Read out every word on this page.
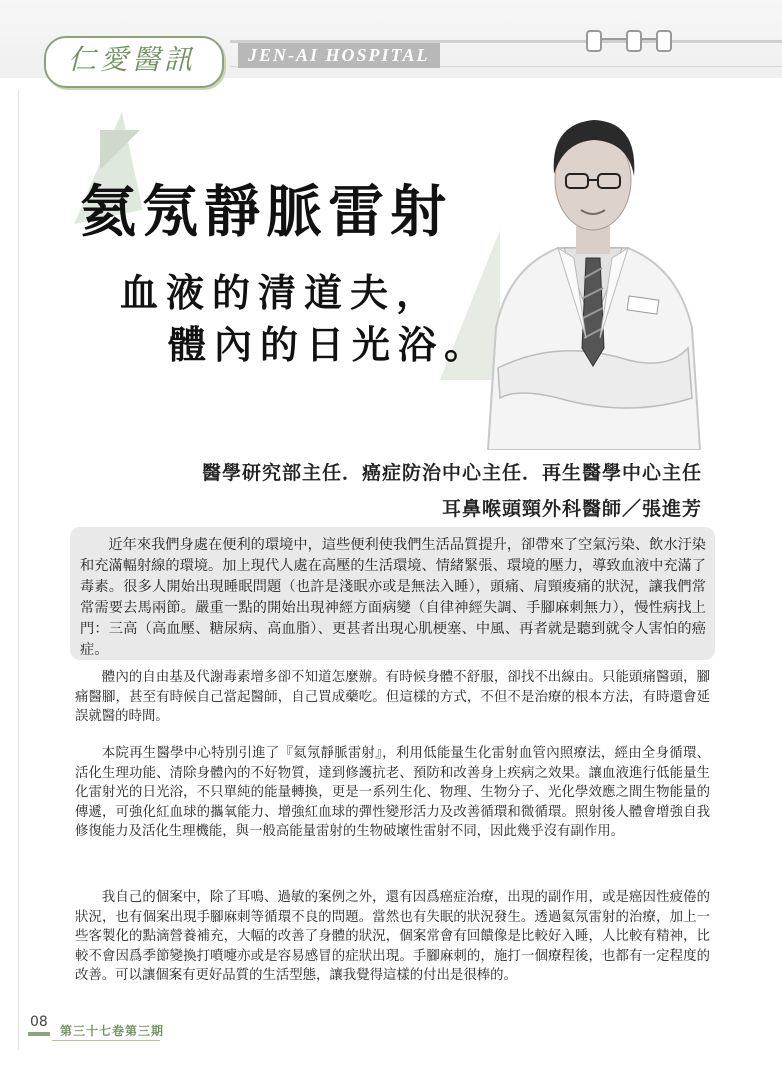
仁愛醫訊	JEN-AI HOSPITAL
氦氖靜脈雷射
血液的清道夫，
體內的日光浴。
醫學研究部主任．癌症防治中心主任．再生醫學中心主任
耳鼻喉頭頸外科醫師／張進芳

近年來我們身處在便利的環境中，這些便利使我們生活品質提升，卻帶來了空氣污染、飲水汙染和充滿輻射線的環境。加上現代人處在高壓的生活環境、情緒緊張、環境的壓力，導致血液中充滿了毒素。很多人開始出現睡眠問題（也許是淺眠亦或是無法入睡），頭痛、肩頸痠痛的狀況，讓我們常常需要去馬兩節。嚴重一點的開始出現神經方面病變（自律神經失調、手腳麻刺無力），慢性病找上門：三高（高血壓、糖尿病、高血脂）、更甚者出現心肌梗塞、中風、再者就是聽到就令人害怕的癌症。

體內的自由基及代謝毒素增多卻不知道怎麼辦。有時候身體不舒服，卻找不出線由。只能頭痛醫頭，腳痛醫腳，甚至有時候自己當起醫師，自己買成藥吃。但這樣的方式，不但不是治療的根本方法，有時還會延誤就醫的時間。

本院再生醫學中心特別引進了『氦氖靜脈雷射』，利用低能量生化雷射血管內照療法，經由全身循環、活化生理功能、清除身體內的不好物質，達到修護抗老、預防和改善身上疾病之效果。讓血液進行低能量生化雷射光的日光浴，不只單純的能量轉換，更是一系列生化、物理、生物分子、光化學效應之間生物能量的傳遞，可強化紅血球的攜氧能力、增強紅血球的彈性變形活力及改善循環和微循環。照射後人體會增強自我修復能力及活化生理機能，與一般高能量雷射的生物破壞性雷射不同，因此幾乎沒有副作用。

我自己的個案中，除了耳鳴、過敏的案例之外，還有因爲癌症治療，出現的副作用，或是癌因性疲倦的狀況，也有個案出現手腳麻刺等循環不良的問題。當然也有失眠的狀況發生。透過氦氖雷射的治療，加上一些客製化的點滴營養補充，大幅的改善了身體的狀況，個案常會有回饋像是比較好入睡，人比較有精神，比較不會因爲季節變換打噴嚏亦或是容易感冒的症狀出現。手腳麻刺的，施打一個療程後，也都有一定程度的改善。可以讓個案有更好品質的生活型態，讓我覺得這樣的付出是很棒的。

08
第三十七卷第三期
